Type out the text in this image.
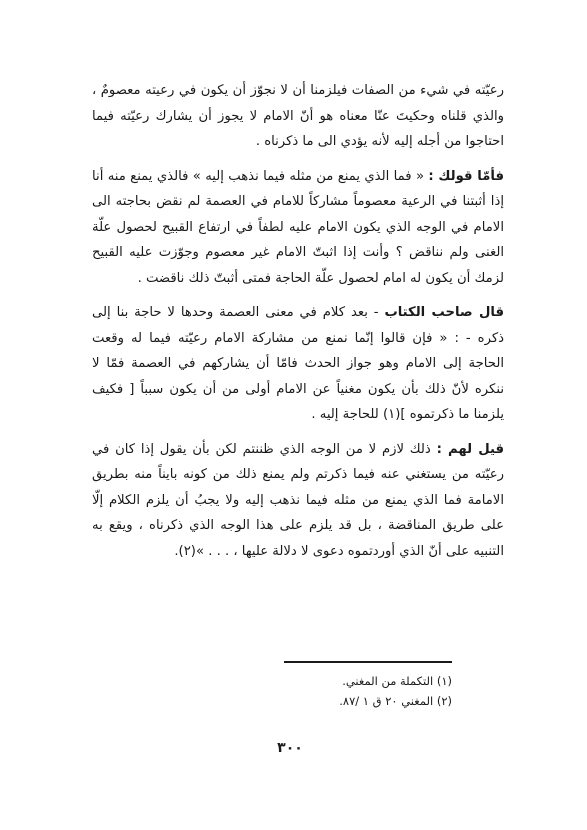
رعيّته في شيء من الصفات فيلزمنا أن لا نجوّز أن يكون في رعيته معصومٌ ، والذي قلناه وحكيتَ عنّا معناه هو أنّ الامام لا يجوز أن يشارك رعيّته فيما احتاجوا من أجله إليه لأنه يؤدي الى ما ذكرناه .

فأمّا قولك : « فما الذي يمنع من مثله فيما نذهب إليه » فالذي يمنع منه أنا إذا أثبتنا في الرعية معصوماً مشاركاً للامام في العصمة لم نقض بحاجته الى الامام في الوجه الذي يكون الامام عليه لطفاً في ارتفاع القبيح لحصول علّة الغنى ولم نناقض ؟ وأنت إذا اثبتّ الامام غير معصوم وجوّزت عليه القبيح لزمك أن يكون له امام لحصول علّة الحاجة فمتى أثبتّ ذلك ناقضت .

قال صاحب الكتاب - بعد كلام في معنى العصمة وحدها لا حاجة بنا إلى ذكره - : « فإن قالوا إنّما نمنع من مشاركة الامام رعيّته فيما له وقعت الحاجة إلى الامام وهو جواز الحدث فامّا أن يشاركهم في العصمة فمّا لا ننكره لأنّ ذلك بأن يكون مغنياً عن الامام أولى من أن يكون سبباً [ فكيف يلزمنا ما ذكرتموه ](١) للحاجة إليه .

قيل لهم : ذلك لازم لا من الوجه الذي ظننتم لكن بأن يقول إذا كان في رعيّته من يستغني عنه فيما ذكرتم ولم يمنع ذلك من كونه بايناً منه بطريق الامامة فما الذي يمنع من مثله فيما نذهب إليه ولا يجبُ أن يلزم الكلام إلّا على طريق المناقضة ، بل قد يلزم على هذا الوجه الذي ذكرناه ، ويقع به التنبيه على أنّ الذي أوردتموه دعوى لا دلالة عليها ، . . . »(٢).

(١) التكملة من المغني.
(٢) المغني ٢٠ ق ١ /٨٧.
٣٠٠
